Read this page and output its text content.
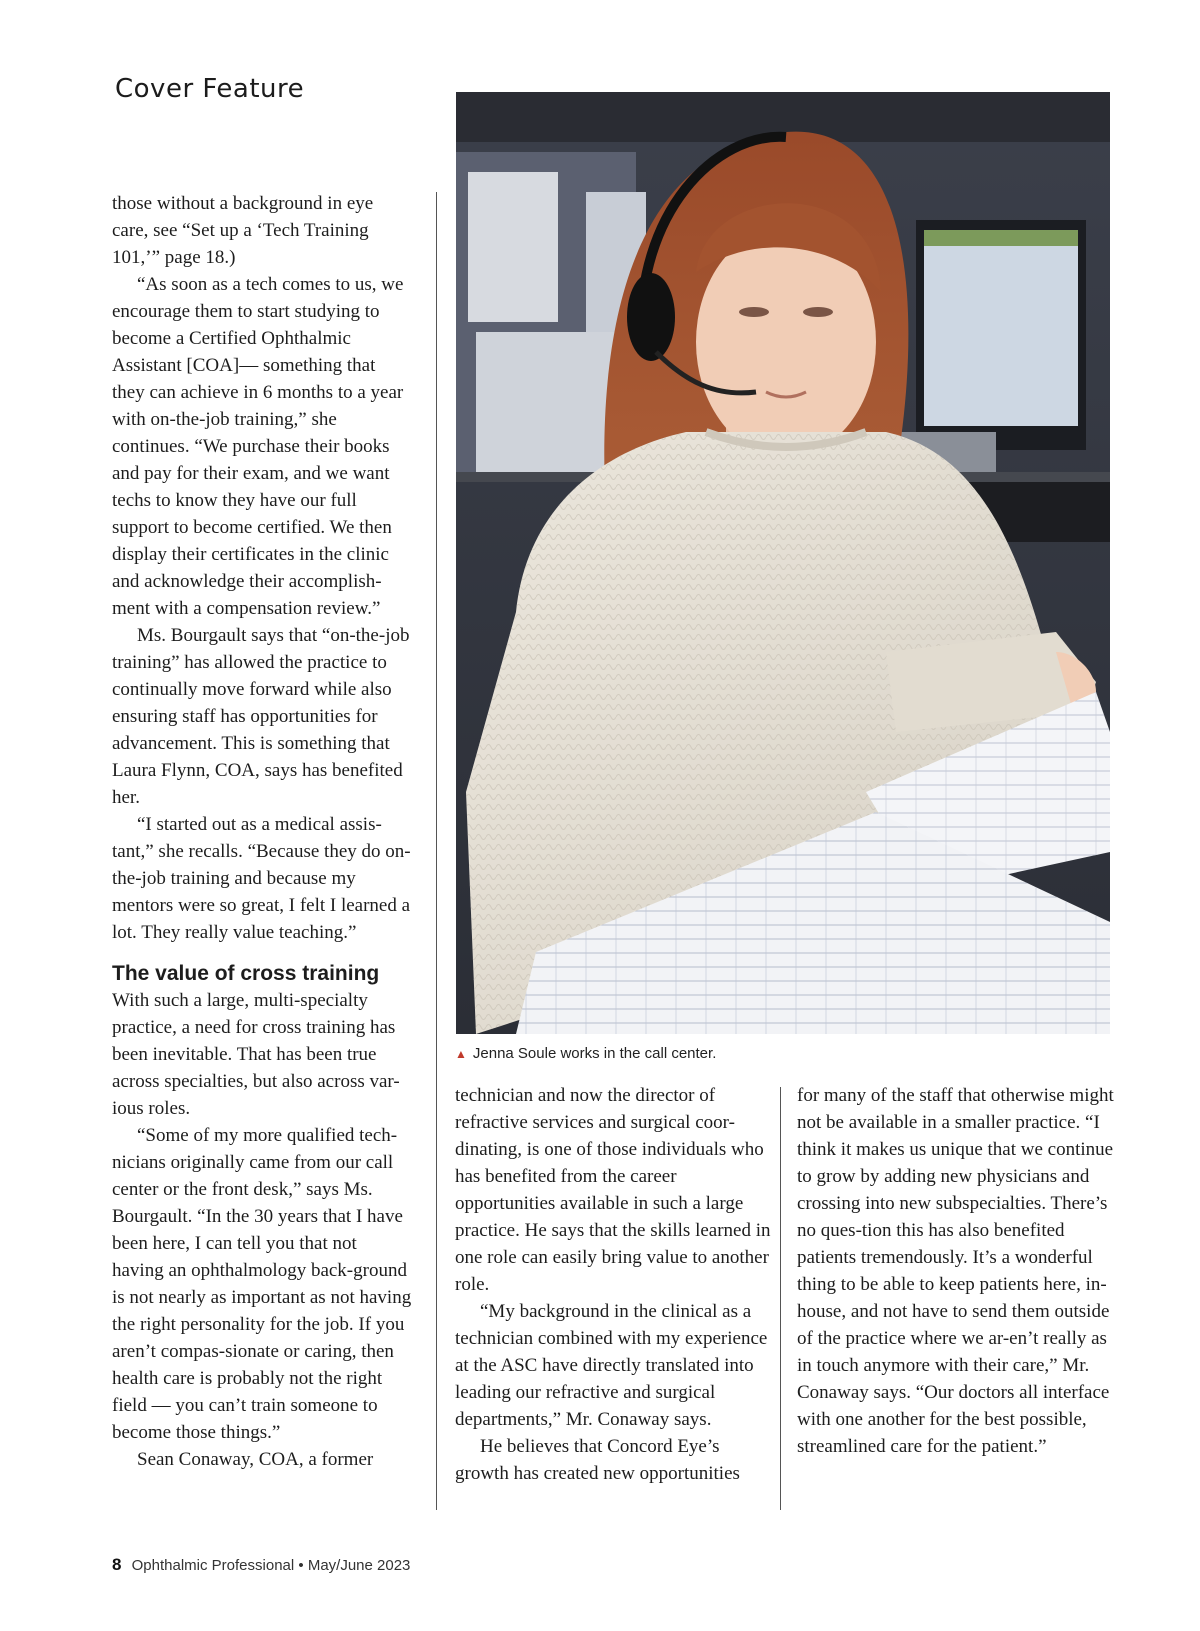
Cover Feature
▲ Jenna Soule works in the call center.

those without a background in eye care, see “Set up a ‘Tech Training 101,’” page 18.)

“As soon as a tech comes to us, we encourage them to start studying to become a Certified Ophthalmic Assistant [COA]— something that they can achieve in 6 months to a year with on-the-job training,” she continues. “We purchase their books and pay for their exam, and we want techs to know they have our full support to become certified. We then display their certificates in the clinic and acknowledge their accomplish-ment with a compensation review.”

Ms. Bourgault says that “on-the-job training” has allowed the practice to continually move forward while also ensuring staff has opportunities for advancement. This is something that Laura Flynn, COA, says has benefited her.

“I started out as a medical assis-tant,” she recalls. “Because they do on-the-job training and because my mentors were so great, I felt I learned a lot. They really value teaching.”

The value of cross training

With such a large, multi-specialty practice, a need for cross training has been inevitable. That has been true across specialties, but also across var-ious roles.

“Some of my more qualified tech-nicians originally came from our call center or the front desk,” says Ms. Bourgault. “In the 30 years that I have been here, I can tell you that not having an ophthalmology back-ground is not nearly as important as not having the right personality for the job. If you aren’t compas-sionate or caring, then health care is probably not the right field — you can’t train someone to become those things.”

Sean Conaway, COA, a former

technician and now the director of refractive services and surgical coor-dinating, is one of those individuals who has benefited from the career opportunities available in such a large practice. He says that the skills learned in one role can easily bring value to another role.

“My background in the clinical as a technician combined with my experience at the ASC have directly translated into leading our refractive and surgical departments,” Mr. Conaway says.

He believes that Concord Eye’s growth has created new opportunities

for many of the staff that otherwise might not be available in a smaller practice. “I think it makes us unique that we continue to grow by adding new physicians and crossing into new subspecialties. There’s no ques-tion this has also benefited patients tremendously. It’s a wonderful thing to be able to keep patients here, in-house, and not have to send them outside of the practice where we ar-en’t really as in touch anymore with their care,” Mr. Conaway says. “Our doctors all interface with one another for the best possible, streamlined care for the patient.”

8 Ophthalmic Professional • May/June 2023
